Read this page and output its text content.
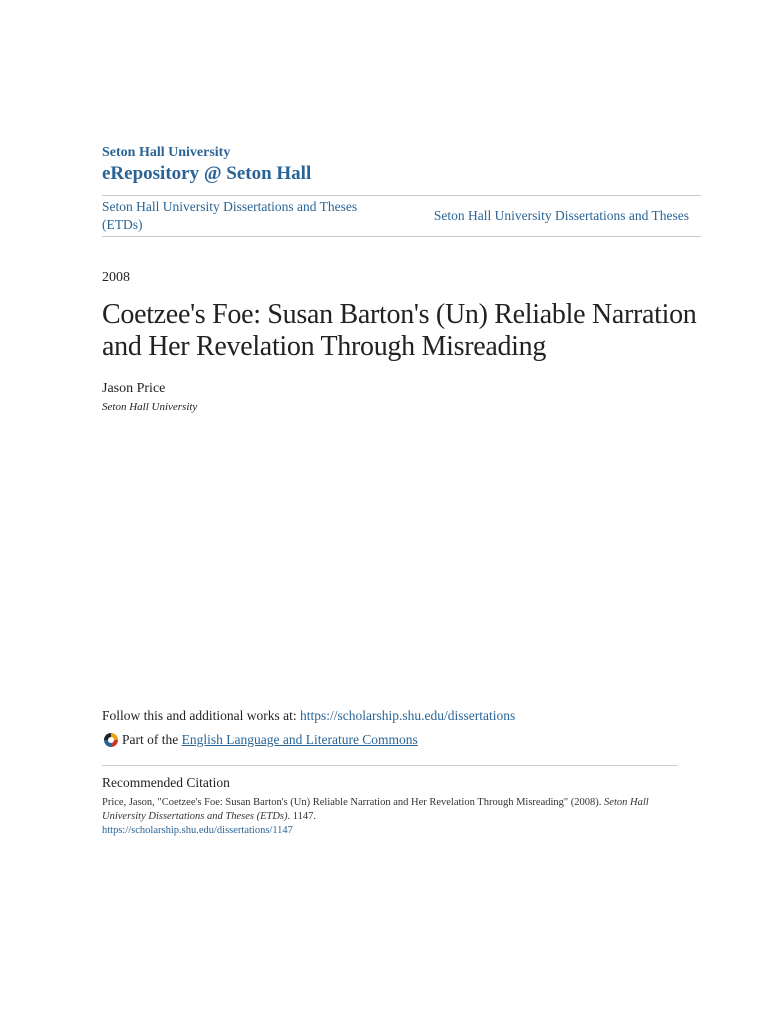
Seton Hall University
eRepository @ Seton Hall
Seton Hall University Dissertations and Theses (ETDs)
Seton Hall University Dissertations and Theses
2008
Coetzee's Foe: Susan Barton's (Un) Reliable Narration and Her Revelation Through Misreading
Jason Price
Seton Hall University
Follow this and additional works at: https://scholarship.shu.edu/dissertations
Part of the
English Language and Literature Commons
Recommended Citation
Price, Jason, "Coetzee's Foe: Susan Barton's (Un) Reliable Narration and Her Revelation Through Misreading" (2008). Seton Hall University Dissertations and Theses (ETDs). 1147.
https://scholarship.shu.edu/dissertations/1147
